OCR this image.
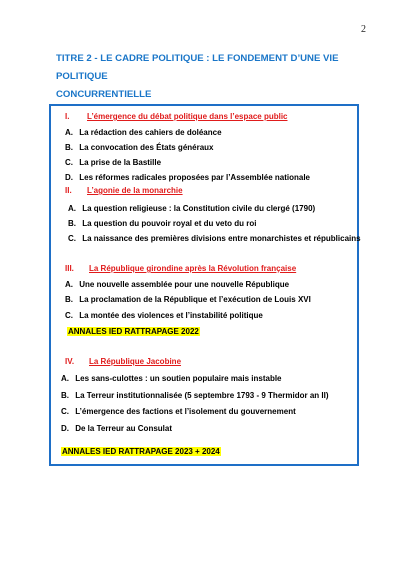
2
TITRE 2 - LE CADRE POLITIQUE : LE FONDEMENT D’UNE VIE POLITIQUE
CONCURRENTIELLE
I. L’émergence du débat politique dans l’espace public
A. La rédaction des cahiers de doléance
B. La convocation des États généraux
C. La prise de la Bastille
D. Les réformes radicales proposées par l’Assemblée nationale
II. L’agonie de la monarchie
A. La question religieuse : la Constitution civile du clergé (1790)
B. La question du pouvoir royal et du veto du roi
C. La naissance des premières divisions entre monarchistes et républicains
III. La République girondine après la Révolution française
A. Une nouvelle assemblée pour une nouvelle République
B. La proclamation de la République et l’exécution de Louis XVI
C. La montée des violences et l’instabilité politique
ANNALES IED RATTRAPAGE 2022
IV. La République Jacobine
A. Les sans-culottes : un soutien populaire mais instable
B. La Terreur institutionnalisée (5 septembre 1793 - 9 Thermidor an II)
C. L’émergence des factions et l’isolement du gouvernement
D. De la Terreur au Consulat
ANNALES IED RATTRAPAGE 2023 + 2024
